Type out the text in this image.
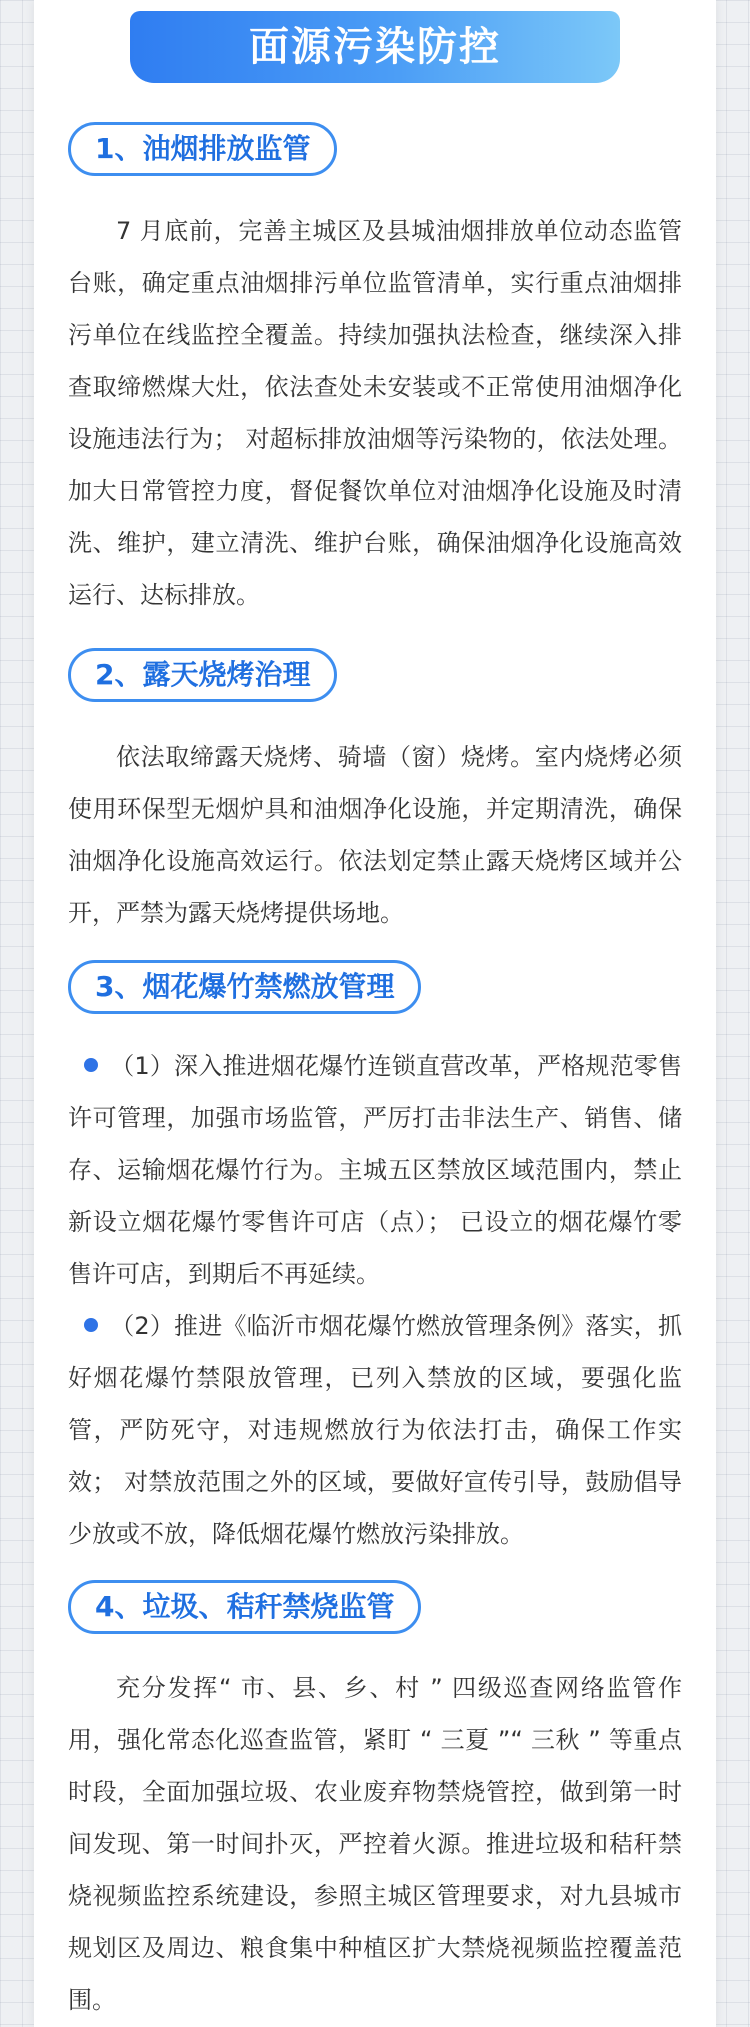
面源污染防控
1、油烟排放监管

7 月底前，完善主城区及县城油烟排放单位动态监管台账，确定重点油烟排污单位监管清单，实行重点油烟排污单位在线监控全覆盖。持续加强执法检查，继续深入排查取缔燃煤大灶，依法查处未安装或不正常使用油烟净化设施违法行为； 对超标排放油烟等污染物的，依法处理。加大日常管控力度，督促餐饮单位对油烟净化设施及时清洗、维护，建立清洗、维护台账，确保油烟净化设施高效运行、达标排放。

2、露天烧烤治理

依法取缔露天烧烤、骑墙（窗）烧烤。室内烧烤必须使用环保型无烟炉具和油烟净化设施，并定期清洗，确保油烟净化设施高效运行。依法划定禁止露天烧烤区域并公开，严禁为露天烧烤提供场地。

3、烟花爆竹禁燃放管理

（1）深入推进烟花爆竹连锁直营改革，严格规范零售许可管理，加强市场监管，严厉打击非法生产、销售、储存、运输烟花爆竹行为。主城五区禁放区域范围内，禁止新设立烟花爆竹零售许可店（点）； 已设立的烟花爆竹零售许可店，到期后不再延续。

（2）推进《临沂市烟花爆竹燃放管理条例》落实，抓好烟花爆竹禁限放管理，已列入禁放的区域，要强化监管，严防死守，对违规燃放行为依法打击，确保工作实效； 对禁放范围之外的区域，要做好宣传引导，鼓励倡导少放或不放，降低烟花爆竹燃放污染排放。

4、垃圾、秸秆禁烧监管

充分发挥“ 市、县、乡、村 ” 四级巡查网络监管作用，强化常态化巡查监管，紧盯 “ 三夏 ”“ 三秋 ” 等重点时段，全面加强垃圾、农业废弃物禁烧管控，做到第一时间发现、第一时间扑灭，严控着火源。推进垃圾和秸秆禁烧视频监控系统建设，参照主城区管理要求，对九县城市规划区及周边、粮食集中种植区扩大禁烧视频监控覆盖范围。
